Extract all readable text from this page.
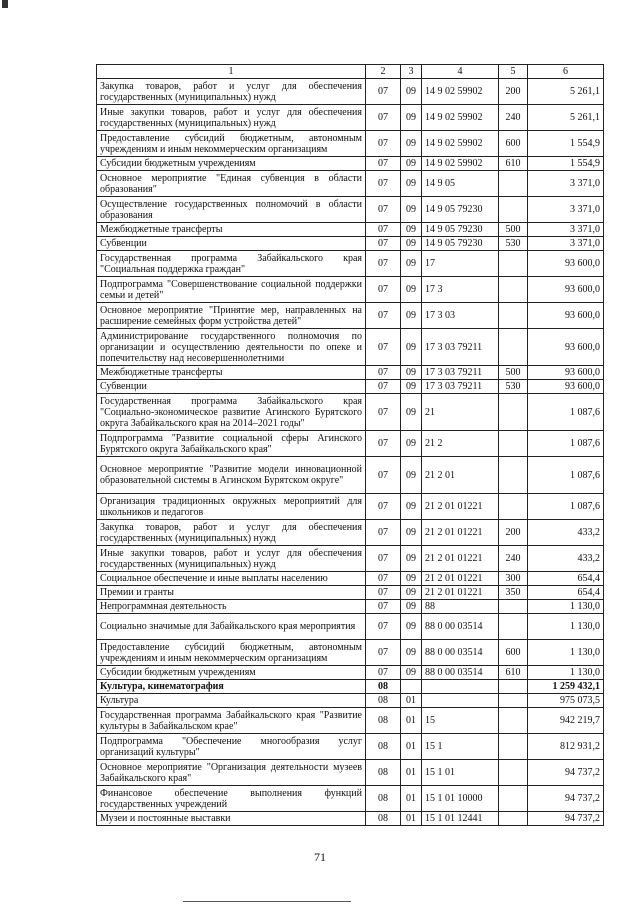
1	2	3	4	5	6
Закупка товаров, работ и услуг для обеспечения государственных (муниципальных) нужд	07	09	14 9 02 59902	200	5 261,1
Иные закупки товаров, работ и услуг для обеспечения государственных (муниципальных) нужд	07	09	14 9 02 59902	240	5 261,1
Предоставление субсидий бюджетным, автономным учреждениям и иным некоммерческим организациям	07	09	14 9 02 59902	600	1 554,9
Субсидии бюджетным учреждениям	07	09	14 9 02 59902	610	1 554,9
Основное мероприятие "Единая субвенция в области образования"	07	09	14 9 05		3 371,0
Осуществление государственных полномочий в области образования	07	09	14 9 05 79230		3 371,0
Межбюджетные трансферты	07	09	14 9 05 79230	500	3 371,0
Субвенции	07	09	14 9 05 79230	530	3 371,0
Государственная программа Забайкальского края "Социальная поддержка граждан"	07	09	17		93 600,0
Подпрограмма "Совершенствование социальной поддержки семьи и детей"	07	09	17 3		93 600,0
Основное мероприятие "Принятие мер, направленных на расширение семейных форм устройства детей"	07	09	17 3 03		93 600,0
Администрирование государственного полномочия по организации и осуществлению деятельности по опеке и попечительству над несовершеннолетними	07	09	17 3 03 79211		93 600,0
Межбюджетные трансферты	07	09	17 3 03 79211	500	93 600,0
Субвенции	07	09	17 3 03 79211	530	93 600,0
Государственная программа Забайкальского края "Социально-экономическое развитие Агинского Бурятского округа Забайкальского края на 2014–2021 годы"	07	09	21		1 087,6
Подпрограмма "Развитие социальной сферы Агинского Бурятского округа Забайкальского края"	07	09	21 2		1 087,6
Основное мероприятие "Развитие модели инновационной образовательной системы в Агинском Бурятском округе"	07	09	21 2 01		1 087,6
Организация традиционных окружных мероприятий для школьников и педагогов	07	09	21 2 01 01221		1 087,6
Закупка товаров, работ и услуг для обеспечения государственных (муниципальных) нужд	07	09	21 2 01 01221	200	433,2
Иные закупки товаров, работ и услуг для обеспечения государственных (муниципальных) нужд	07	09	21 2 01 01221	240	433,2
Социальное обеспечение и иные выплаты населению	07	09	21 2 01 01221	300	654,4
Премии и гранты	07	09	21 2 01 01221	350	654,4
Непрограммная деятельность	07	09	88		1 130,0
Социально значимые для Забайкальского края мероприятия	07	09	88 0 00 03514		1 130,0
Предоставление субсидий бюджетным, автономным учреждениям и иным некоммерческим организациям	07	09	88 0 00 03514	600	1 130,0
Субсидии бюджетным учреждениям	07	09	88 0 00 03514	610	1 130,0
Культура, кинематография	08				1 259 432,1
Культура	08	01			975 073,5
Государственная программа Забайкальского края "Развитие культуры в Забайкальском крае"	08	01	15		942 219,7
Подпрограмма "Обеспечение многообразия услуг организаций культуры"	08	01	15 1		812 931,2
Основное мероприятие "Организация деятельности музеев Забайкальского края"	08	01	15 1 01		94 737,2
Финансовое обеспечение выполнения функций государственных учреждений	08	01	15 1 01 10000		94 737,2
Музеи и постоянные выставки	08	01	15 1 01 12441		94 737,2
71
